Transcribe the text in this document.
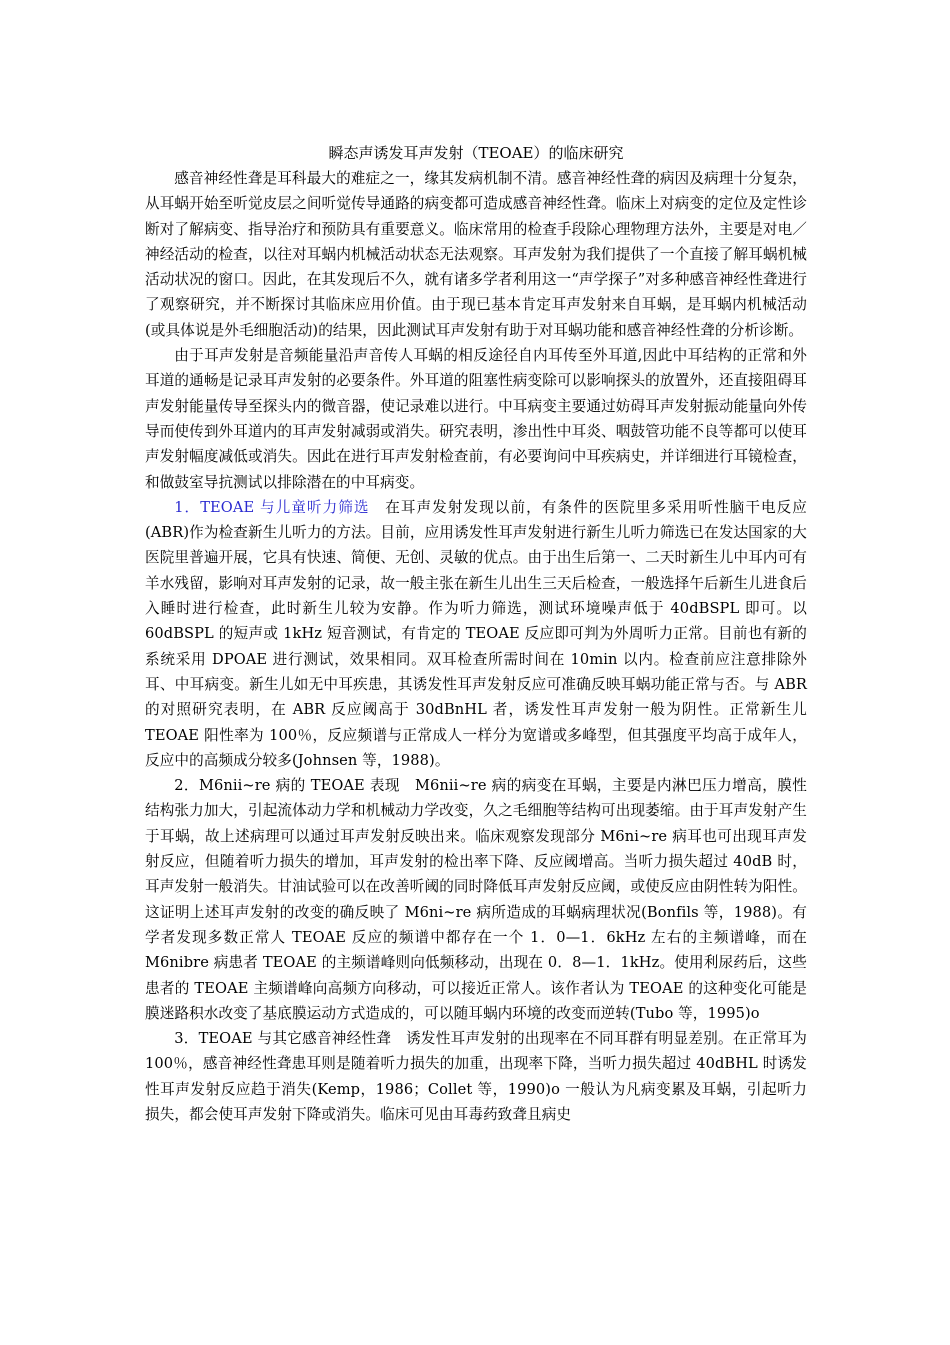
瞬态声诱发耳声发射（TEOAE）的临床研究

感音神经性聋是耳科最大的难症之一，缘其发病机制不清。感音神经性聋的病因及病理十分复杂，从耳蜗开始至听觉皮层之间听觉传导通路的病变都可造成感音神经性聋。临床上对病变的定位及定性诊断对了解病变、指导治疗和预防具有重要意义。临床常用的检查手段除心理物理方法外，主要是对电／神经活动的检查，以往对耳蜗内机械活动状态无法观察。耳声发射为我们提供了一个直接了解耳蜗机械活动状况的窗口。因此，在其发现后不久，就有诸多学者利用这一“声学探子”对多种感音神经性聋进行了观察研究，并不断探讨其临床应用价值。由于现已基本肯定耳声发射来自耳蜗，是耳蜗内机械活动(或具体说是外毛细胞活动)的结果，因此测试耳声发射有助于对耳蜗功能和感音神经性聋的分析诊断。

由于耳声发射是音频能量沿声音传人耳蜗的相反途径自内耳传至外耳道,因此中耳结构的正常和外耳道的通畅是记录耳声发射的必要条件。外耳道的阻塞性病变除可以影响探头的放置外，还直接阻碍耳声发射能量传导至探头内的微音器，使记录难以进行。中耳病变主要通过妨碍耳声发射振动能量向外传导而使传到外耳道内的耳声发射减弱或消失。研究表明，渗出性中耳炎、咽鼓管功能不良等都可以使耳声发射幅度减低或消失。因此在进行耳声发射检查前，有必要询问中耳疾病史，并详细进行耳镜检查，和做鼓室导抗测试以排除潜在的中耳病变。

1．TEOAE 与儿童听力筛选　在耳声发射发现以前，有条件的医院里多采用听性脑干电反应(ABR)作为检查新生儿听力的方法。目前，应用诱发性耳声发射进行新生儿听力筛选已在发达国家的大医院里普遍开展，它具有快速、简便、无创、灵敏的优点。由于出生后第一、二天时新生儿中耳内可有羊水残留，影响对耳声发射的记录，故一般主张在新生儿出生三天后检查，一般选择午后新生儿进食后入睡时进行检查，此时新生儿较为安静。作为听力筛选，测试环境噪声低于 40dBSPL 即可。以 60dBSPL 的短声或 1kHz 短音测试，有肯定的 TEOAE 反应即可判为外周听力正常。目前也有新的系统采用 DPOAE 进行测试，效果相同。双耳检查所需时间在 10min 以内。检查前应注意排除外耳、中耳病变。新生儿如无中耳疾患，其诱发性耳声发射反应可准确反映耳蜗功能正常与否。与 ABR 的对照研究表明，在 ABR 反应阈高于 30dBnHL 者，诱发性耳声发射一般为阴性。正常新生儿 TEOAE 阳性率为 100％，反应频谱与正常成人一样分为宽谱或多峰型，但其强度平均高于成年人，反应中的高频成分较多(Johnsen 等，1988)。

2．M6nii~re 病的 TEOAE 表现　M6nii~re 病的病变在耳蜗，主要是内淋巴压力增高，膜性结构张力加大，引起流体动力学和机械动力学改变，久之毛细胞等结构可出现萎缩。由于耳声发射产生于耳蜗，故上述病理可以通过耳声发射反映出来。临床观察发现部分 M6ni~re 病耳也可出现耳声发射反应，但随着听力损失的增加，耳声发射的检出率下降、反应阈增高。当听力损失超过 40dB 时，耳声发射一般消失。甘油试验可以在改善听阈的同时降低耳声发射反应阈，或使反应由阴性转为阳性。这证明上述耳声发射的改变的确反映了 M6ni~re 病所造成的耳蜗病理状况(Bonfils 等，1988)。有学者发现多数正常人 TEOAE 反应的频谱中都存在一个 1．0—1．6kHz 左右的主频谱峰，而在 M6nibre 病患者 TEOAE 的主频谱峰则向低频移动，出现在 0．8—1．1kHz。使用利尿药后，这些患者的 TEOAE 主频谱峰向高频方向移动，可以接近正常人。该作者认为 TEOAE 的这种变化可能是膜迷路积水改变了基底膜运动方式造成的，可以随耳蜗内环境的改变而逆转(Tubo 等，1995)o

3．TEOAE 与其它感音神经性聋　诱发性耳声发射的出现率在不同耳群有明显差别。在正常耳为 100％，感音神经性聋患耳则是随着听力损失的加重，出现率下降，当听力损失超过 40dBHL 时诱发性耳声发射反应趋于消失(Kemp，1986；Collet 等，1990)o 一般认为凡病变累及耳蜗，引起听力损失，都会使耳声发射下降或消失。临床可见由耳毒药致聋且病史
